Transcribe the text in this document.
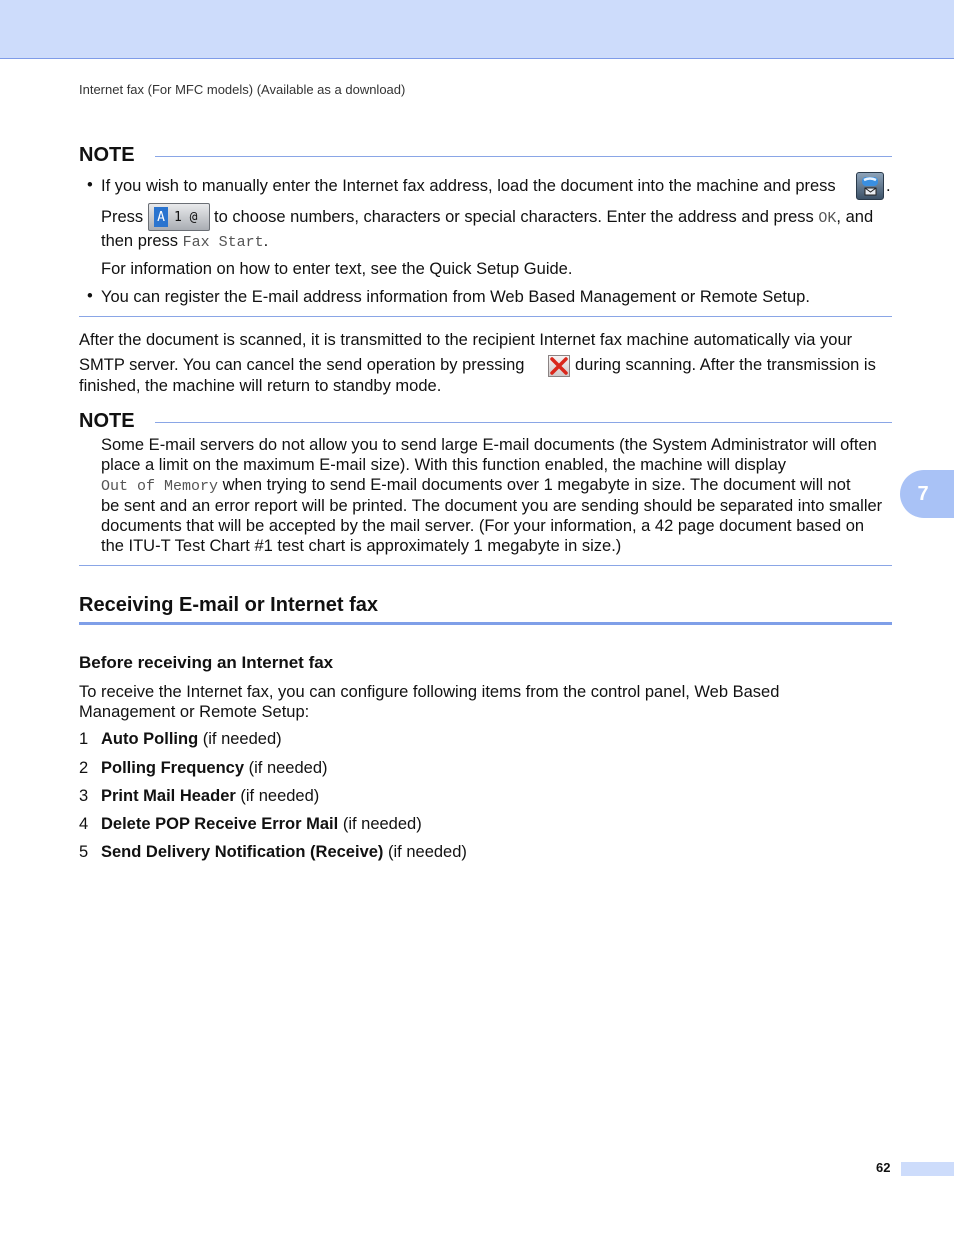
Internet fax (For MFC models) (Available as a download)
NOTE
• If you wish to manually enter the Internet fax address, load the document into the machine and press	.
Press A 1 @ to choose numbers, characters or special characters. Enter the address and press OK, and
then press Fax Start.
For information on how to enter text, see the Quick Setup Guide.
• You can register the E-mail address information from Web Based Management or Remote Setup.
After the document is scanned, it is transmitted to the recipient Internet fax machine automatically via your
SMTP server. You can cancel the send operation by pressing	during scanning. After the transmission is
finished, the machine will return to standby mode.
NOTE
Some E-mail servers do not allow you to send large E-mail documents (the System Administrator will often
place a limit on the maximum E-mail size). With this function enabled, the machine will display
Out of Memory when trying to send E-mail documents over 1 megabyte in size. The document will not
be sent and an error report will be printed. The document you are sending should be separated into smaller
documents that will be accepted by the mail server. (For your information, a 42 page document based on
the ITU-T Test Chart #1 test chart is approximately 1 megabyte in size.)
Receiving E-mail or Internet fax
Before receiving an Internet fax
To receive the Internet fax, you can configure following items from the control panel, Web Based
Management or Remote Setup:
1 Auto Polling (if needed)
2 Polling Frequency (if needed)
3 Print Mail Header (if needed)
4 Delete POP Receive Error Mail (if needed)
5 Send Delivery Notification (Receive) (if needed)
7
62
